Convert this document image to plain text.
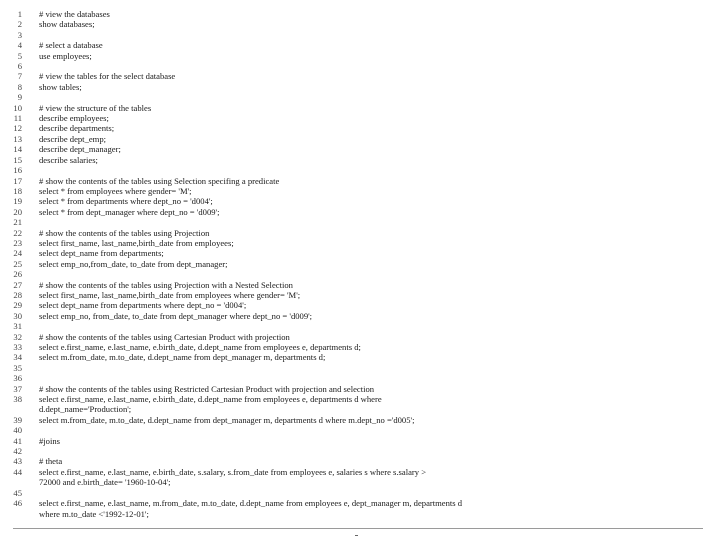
1	# view the databases
2	show databases;
3
4	# select a database
5	use employees;
6
7	# view the tables for the select database
8	show tables;
9
10	# view the structure of the tables
11	describe employees;
12	describe departments;
13	describe dept_emp;
14	describe dept_manager;
15	describe salaries;
16
17	# show the contents of the tables using Selection specifing a predicate
18	select * from employees where gender= 'M';
19	select * from departments where dept_no = 'd004';
20	select * from dept_manager where dept_no = 'd009';
21
22	# show the contents of the tables using Projection
23	select first_name, last_name,birth_date from employees;
24	select dept_name from departments;
25	select emp_no,from_date, to_date from dept_manager;
26
27	# show the contents of the tables using Projection with a Nested Selection
28	select first_name, last_name,birth_date from employees where gender= 'M';
29	select dept_name from departments where dept_no = 'd004';
30	select emp_no, from_date, to_date from dept_manager where dept_no = 'd009';
31
32	# show the contents of the tables using Cartesian Product with projection
33	select e.first_name, e.last_name, e.birth_date, d.dept_name from employees e, departments d;
34	select m.from_date, m.to_date, d.dept_name from dept_manager m, departments d;
35
36
37	# show the contents of the tables using Restricted Cartesian Product with projection and selection
38	select e.first_name, e.last_name, e.birth_date, d.dept_name from employees e, departments d where
d.dept_name='Production';
39	select m.from_date, m.to_date, d.dept_name from dept_manager m, departments d where m.dept_no ='d005';
40
41	#joins
42
43	# theta
44	select e.first_name, e.last_name, e.birth_date, s.salary, s.from_date from employees e, salaries s where s.salary >
72000 and e.birth_date= '1960-10-04';
45
46	select e.first_name, e.last_name, m.from_date, m.to_date, d.dept_name from employees e, dept_manager m, departments d
where m.to_date <'1992-12-01';
